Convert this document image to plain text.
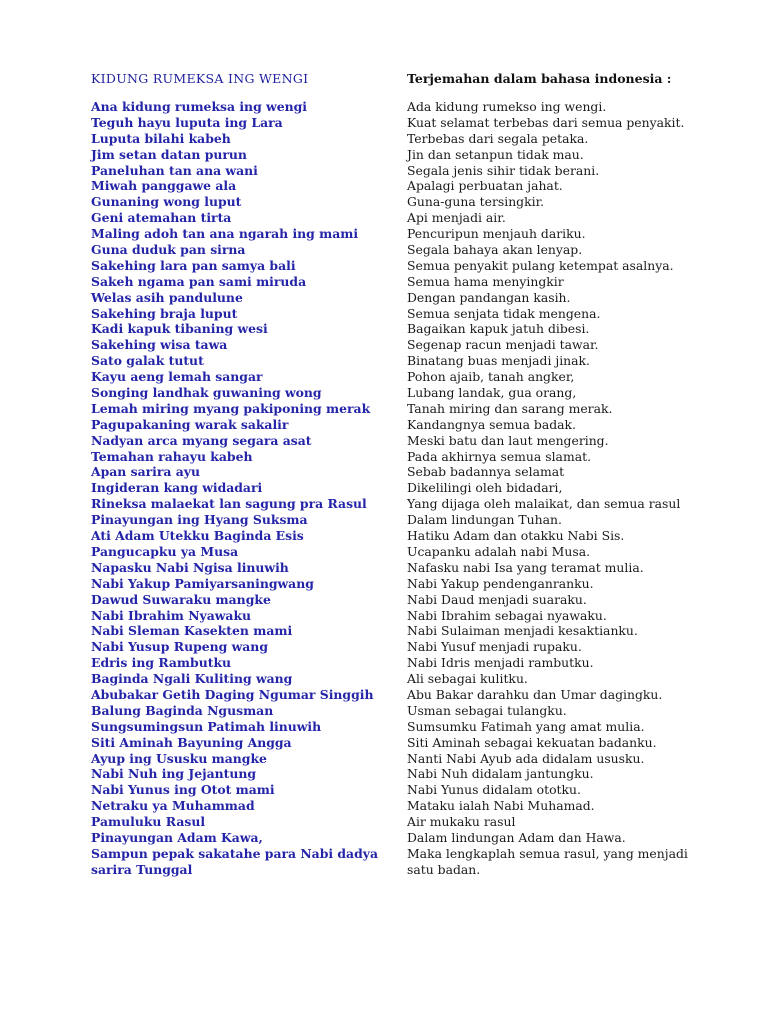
KIDUNG RUMEKSA ING WENGI	Terjemahan dalam bahasa indonesia :
Ana kidung rumeksa ing wengi
Teguh hayu luputa ing Lara
Luputa bilahi kabeh
Jim setan datan purun
Paneluhan tan ana wani
Miwah panggawe ala
Gunaning wong luput
Geni atemahan tirta
Maling adoh tan ana ngarah ing mami
Guna duduk pan sirna
Sakehing lara pan samya bali
Sakeh ngama pan sami miruda
Welas asih pandulune
Sakehing braja luput
Kadi kapuk tibaning wesi
Sakehing wisa tawa
Sato galak tutut
Kayu aeng lemah sangar
Songing landhak guwaning wong
Lemah miring myang pakiponing merak
Pagupakaning warak sakalir
Nadyan arca myang segara asat
Temahan rahayu kabeh
Apan sarira ayu
Ingideran kang widadari
Rineksa malaekat lan sagung pra Rasul
Pinayungan ing Hyang Suksma
Ati Adam Utekku Baginda Esis
Pangucapku ya Musa
Napasku Nabi Ngisa linuwih
Nabi Yakup Pamiyarsaningwang
Dawud Suwaraku mangke
Nabi Ibrahim Nyawaku
Nabi Sleman Kasekten mami
Nabi Yusup Rupeng wang
Edris ing Rambutku
Baginda Ngali Kuliting wang
Abubakar Getih Daging Ngumar Singgih
Balung Baginda Ngusman
Sungsumingsun Patimah linuwih
Siti Aminah Bayuning Angga
Ayup ing Ususku mangke
Nabi Nuh ing Jejantung
Nabi Yunus ing Otot mami
Netraku ya Muhammad
Pamuluku Rasul
Pinayungan Adam Kawa,
Sampun pepak sakatahe para Nabi dadya
sarira Tunggal
Ada kidung rumekso ing wengi.
Kuat selamat terbebas dari semua penyakit.
Terbebas dari segala petaka.
Jin dan setanpun tidak mau.
Segala jenis sihir tidak berani.
Apalagi perbuatan jahat.
Guna-guna tersingkir.
Api menjadi air.
Pencuripun menjauh dariku.
Segala bahaya akan lenyap.
Semua penyakit pulang ketempat asalnya.
Semua hama menyingkir
Dengan pandangan kasih.
Semua senjata tidak mengena.
Bagaikan kapuk jatuh dibesi.
Segenap racun menjadi tawar.
Binatang buas menjadi jinak.
Pohon ajaib, tanah angker,
Lubang landak, gua orang,
Tanah miring dan sarang merak.
Kandangnya semua badak.
Meski batu dan laut mengering.
Pada akhirnya semua slamat.
Sebab badannya selamat
Dikelilingi oleh bidadari,
Yang dijaga oleh malaikat, dan semua rasul
Dalam lindungan Tuhan.
Hatiku Adam dan otakku Nabi Sis.
Ucapanku adalah nabi Musa.
Nafasku nabi Isa yang teramat mulia.
Nabi Yakup pendenganranku.
Nabi Daud menjadi suaraku.
Nabi Ibrahim sebagai nyawaku.
Nabi Sulaiman menjadi kesaktianku.
Nabi Yusuf menjadi rupaku.
Nabi Idris menjadi rambutku.
Ali sebagai kulitku.
Abu Bakar darahku dan Umar dagingku.
Usman sebagai tulangku.
Sumsumku Fatimah yang amat mulia.
Siti Aminah sebagai kekuatan badanku.
Nanti Nabi Ayub ada didalam ususku.
Nabi Nuh didalam jantungku.
Nabi Yunus didalam ototku.
Mataku ialah Nabi Muhamad.
Air mukaku rasul
Dalam lindungan Adam dan Hawa.
Maka lengkaplah semua rasul, yang menjadi
satu badan.
